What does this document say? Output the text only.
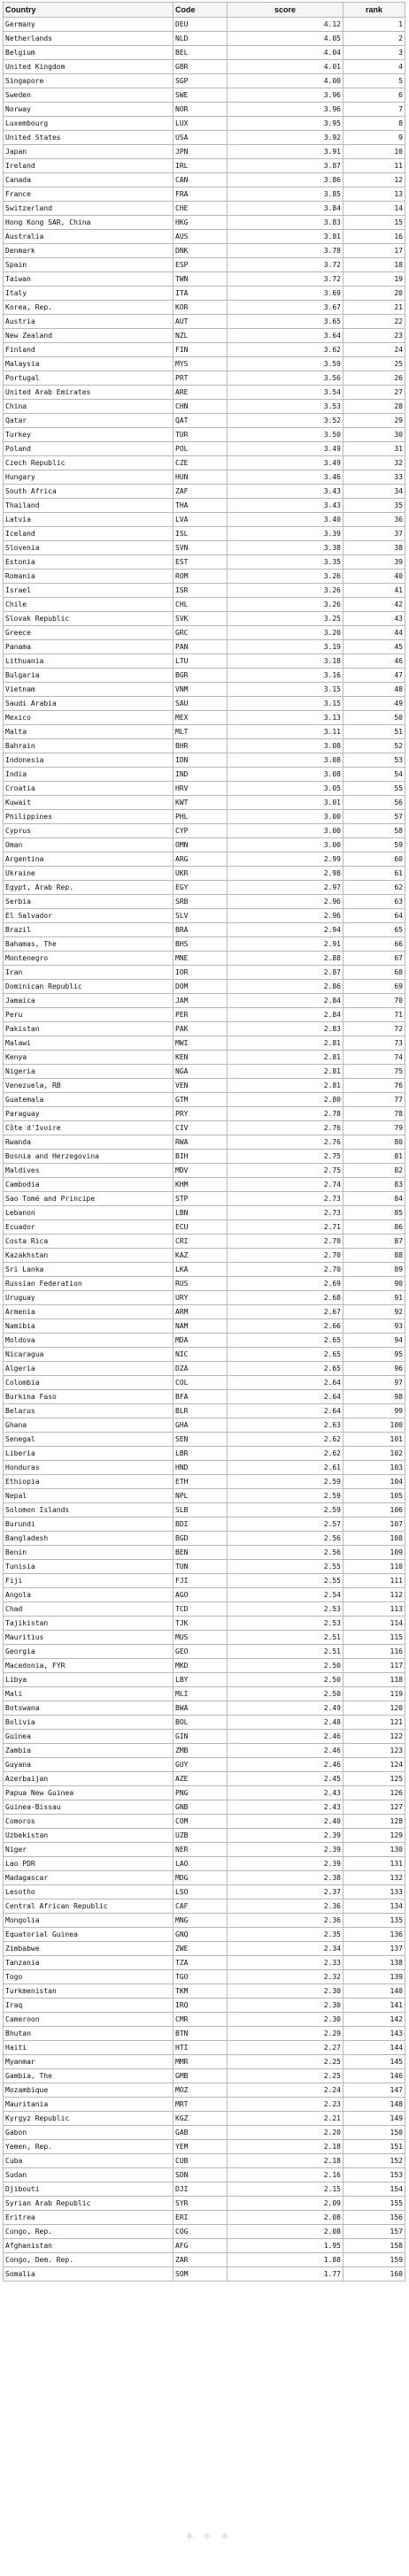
Country	Code	score	rank
Germany	DEU	4.12	1
Netherlands	NLD	4.05	2
Belgium	BEL	4.04	3
United Kingdom	GBR	4.01	4
Singapore	SGP	4.00	5
Sweden	SWE	3.96	6
Norway	NOR	3.96	7
Luxembourg	LUX	3.95	8
United States	USA	3.92	9
Japan	JPN	3.91	10
Ireland	IRL	3.87	11
Canada	CAN	3.86	12
France	FRA	3.85	13
Switzerland	CHE	3.84	14
Hong Kong SAR, China	HKG	3.83	15
Australia	AUS	3.81	16
Denmark	DNK	3.78	17
Spain	ESP	3.72	18
Taiwan	TWN	3.72	19
Italy	ITA	3.69	20
Korea, Rep.	KOR	3.67	21
Austria	AUT	3.65	22
New Zealand	NZL	3.64	23
Finland	FIN	3.62	24
Malaysia	MYS	3.59	25
Portugal	PRT	3.56	26
United Arab Emirates	ARE	3.54	27
China	CHN	3.53	28
Qatar	QAT	3.52	29
Turkey	TUR	3.50	30
Poland	POL	3.49	31
Czech Republic	CZE	3.49	32
Hungary	HUN	3.46	33
South Africa	ZAF	3.43	34
Thailand	THA	3.43	35
Latvia	LVA	3.40	36
Iceland	ISL	3.39	37
Slovenia	SVN	3.38	38
Estonia	EST	3.35	39
Romania	ROM	3.26	40
Israel	ISR	3.26	41
Chile	CHL	3.26	42
Slovak Republic	SVK	3.25	43
Greece	GRC	3.20	44
Panama	PAN	3.19	45
Lithuania	LTU	3.18	46
Bulgaria	BGR	3.16	47
Vietnam	VNM	3.15	48
Saudi Arabia	SAU	3.15	49
Mexico	MEX	3.13	50
Malta	MLT	3.11	51
Bahrain	BHR	3.08	52
Indonesia	IDN	3.08	53
India	IND	3.08	54
Croatia	HRV	3.05	55
Kuwait	KWT	3.01	56
Philippines	PHL	3.00	57
Cyprus	CYP	3.00	58
Oman	OMN	3.00	59
Argentina	ARG	2.99	60
Ukraine	UKR	2.98	61
Egypt, Arab Rep.	EGY	2.97	62
Serbia	SRB	2.96	63
El Salvador	SLV	2.96	64
Brazil	BRA	2.94	65
Bahamas, The	BHS	2.91	66
Montenegro	MNE	2.88	67
Iran	IOR	2.87	68
Dominican Republic	DOM	2.86	69
Jamaica	JAM	2.84	70
Peru	PER	2.84	71
Pakistan	PAK	2.83	72
Malawi	MWI	2.81	73
Kenya	KEN	2.81	74
Nigeria	NGA	2.81	75
Venezuela, RB	VEN	2.81	76
Guatemala	GTM	2.80	77
Paraguay	PRY	2.78	78
Côte d'Ivoire	CIV	2.76	79
Rwanda	RWA	2.76	80
Bosnia and Herzegovina	BIH	2.75	81
Maldives	MDV	2.75	82
Cambodia	KHM	2.74	83
Sao Tomé and Principe	STP	2.73	84
Lebanon	LBN	2.73	85
Ecuador	ECU	2.71	86
Costa Rica	CRI	2.70	87
Kazakhstan	KAZ	2.70	88
Sri Lanka	LKA	2.70	89
Russian Federation	RUS	2.69	90
Uruguay	URY	2.68	91
Armenia	ARM	2.67	92
Namibia	NAM	2.66	93
Moldova	MDA	2.65	94
Nicaragua	NIC	2.65	95
Algeria	DZA	2.65	96
Colombia	COL	2.64	97
Burkina Faso	BFA	2.64	98
Belarus	BLR	2.64	99
Ghana	GHA	2.63	100
Senegal	SEN	2.62	101
Liberia	LBR	2.62	102
Honduras	HND	2.61	103
Ethiopia	ETH	2.59	104
Nepal	NPL	2.59	105
Solomon Islands	SLB	2.59	106
Burundi	BDI	2.57	107
Bangladesh	BGD	2.56	108
Benin	BEN	2.56	109
Tunisia	TUN	2.55	110
Fiji	FJI	2.55	111
Angola	AGO	2.54	112
Chad	TCD	2.53	113
Tajikistan	TJK	2.53	114
Mauritius	MUS	2.51	115
Georgia	GEO	2.51	116
Macedonia, FYR	MKD	2.50	117
Libya	LBY	2.50	118
Mali	MLI	2.50	119
Botswana	BWA	2.49	120
Bolivia	BOL	2.48	121
Guinea	GIN	2.46	122
Zambia	ZMB	2.46	123
Guyana	GUY	2.46	124
Azerbaijan	AZE	2.45	125
Papua New Guinea	PNG	2.43	126
Guinea-Bissau	GNB	2.43	127
Comoros	COM	2.40	128
Uzbekistan	UZB	2.39	129
Niger	NER	2.39	130
Lao PDR	LAO	2.39	131
Madagascar	MDG	2.38	132
Lesotho	LSO	2.37	133
Central African Republic	CAF	2.36	134
Mongolia	MNG	2.36	135
Equatorial Guinea	GNQ	2.35	136
Zimbabwe	ZWE	2.34	137
Tanzania	TZA	2.33	138
Togo	TGO	2.32	139
Turkmenistan	TKM	2.30	140
Iraq	IRQ	2.30	141
Cameroon	CMR	2.30	142
Bhutan	BTN	2.29	143
Haiti	HTI	2.27	144
Myanmar	MMR	2.25	145
Gambia, The	GMB	2.25	146
Mozambique	MOZ	2.24	147
Mauritania	MRT	2.23	148
Kyrgyz Republic	KGZ	2.21	149
Gabon	GAB	2.20	150
Yemen, Rep.	YEM	2.18	151
Cuba	CUB	2.18	152
Sudan	SDN	2.16	153
Djibouti	DJI	2.15	154
Syrian Arab Republic	SYR	2.09	155
Eritrea	ERI	2.08	156
Congo, Rep.	COG	2.08	157
Afghanistan	AFG	1.95	158
Congo, Dem. Rep.	ZAR	1.88	159
Somalia	SOM	1.77	160
✦ ✦ ✦
